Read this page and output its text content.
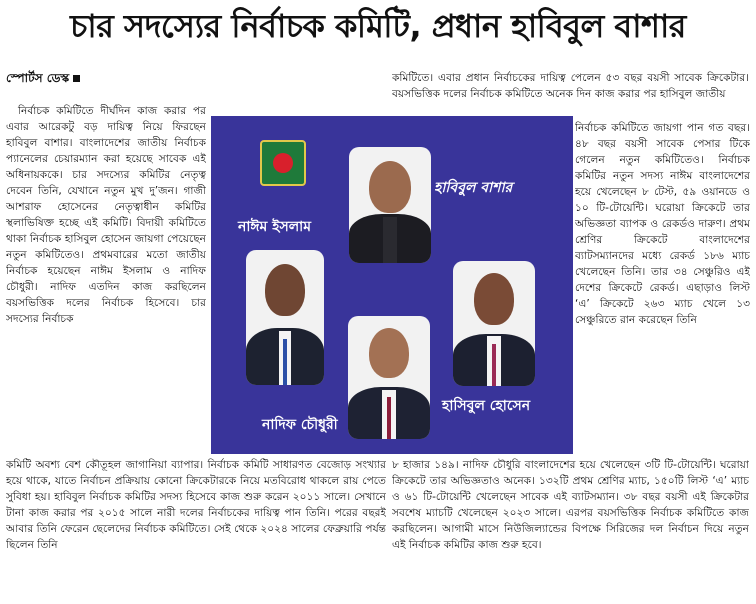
চার সদস্যের নির্বাচক কমিটি, প্রধান হাবিবুল বাশার
স্পোর্টস ডেস্ক

নির্বাচক কমিটিতে দীর্ঘদিন কাজ করার পর এবার আরেকটু বড় দায়িত্ব নিয়ে ফিরছেন হাবিবুল বাশার। বাংলাদেশের জাতীয় নির্বাচক প্যানেলের চেয়ারম্যান করা হয়েছে সাবেক এই অধিনায়ককে। চার সদস্যের কমিটির নেতৃত্ব দেবেন তিনি, যেখানে নতুন মুখ দু’জন। গাজী আশরাফ হোসেনের নেতৃত্বাধীন কমিটির স্থলাভিষিক্ত হচ্ছে এই কমিটি। বিদায়ী কমিটিতে থাকা নির্বাচক হাসিবুল হোসেন জায়গা পেয়েছেন নতুন কমিটিতেও। প্রথমবারের মতো জাতীয় নির্বাচক হয়েছেন নাঈম ইসলাম ও নাদিফ চৌধুরী। নাদিফ এতদিন কাজ করছিলেন বয়সভিত্তিক দলের নির্বাচক হিসেবে। চার সদস্যের নির্বাচক

কমিটিতে। এবার প্রধান নির্বাচকের দায়িত্ব পেলেন ৫৩ বছর বয়সী সাবেক ক্রিকেটার। বয়সভিত্তিক দলের নির্বাচক কমিটিতে অনেক দিন কাজ করার পর হাসিবুল জাতীয়

নির্বাচক কমিটিতে জায়গা পান গত বছর। ৪৮ বছর বয়সী সাবেক পেসার টিকে গেলেন নতুন কমিটিতেও। নির্বাচক কমিটির নতুন সদস্য নাঈম বাংলাদেশের হয়ে খেলেছেন ৮ টেস্ট, ৫৯ ওয়ানডে ও ১০ টি-টোয়েন্টি। ঘরোয়া ক্রিকেটে তার অভিজ্ঞতা ব্যাপক ও রেকর্ডও দারুণ। প্রথম শ্রেণির ক্রিকেটে বাংলাদেশের ব্যাটসম্যানদের মধ্যে রেকর্ড ১৮৬ ম্যাচ খেলেছেন তিনি। তার ৩৪ সেঞ্চুরিও এই দেশের ক্রিকেটে রেকর্ড। এছাড়াও লিস্ট ‘এ’ ক্রিকেটে ২৬৩ ম্যাচ খেলে ১৩ সেঞ্চুরিতে রান করেছেন তিনি

কমিটি অবশ্য বেশ কৌতূহল জাগানিয়া ব্যাপার। নির্বাচক কমিটি সাধারণত বেজোড় সংখ্যার হয়ে থাকে, যাতে নির্বাচন প্রক্রিয়ায় কোনো ক্রিকেটারকে নিয়ে মতবিরোধ থাকলে রায় পেতে সুবিধা হয়। হাবিবুল নির্বাচক কমিটির সদস্য হিসেবে কাজ শুরু করেন ২০১১ সালে। সেখানে টানা কাজ করার পর ২০১৫ সালে নারী দলের নির্বাচকের দায়িত্ব পান তিনি। পরের বছরই আবার তিনি ফেরেন ছেলেদের নির্বাচক কমিটিতে। সেই থেকে ২০২৪ সালের ফেব্রুয়ারি পর্যন্ত ছিলেন তিনি

৮ হাজার ১৪৯। নাদিফ চৌধুরি বাংলাদেশের হয়ে খেলেছেন ৩টি টি-টোয়েন্টি। ঘরোয়া ক্রিকেটে তার অভিজ্ঞতাও অনেক। ১৩২টি প্রথম শ্রেণির ম্যাচ, ১৫০টি লিস্ট ‘এ’ ম্যাচ ও ৬১ টি-টোয়েন্টি খেলেছেন সাবেক এই ব্যাটসম্যান। ৩৮ বছর বয়সী এই ক্রিকেটার সবশেষ ম্যাচটি খেলেছেন ২০২৩ সালে। এরপর বয়সভিত্তিক নির্বাচক কমিটিতে কাজ করছিলেন। আগামী মাসে নিউজিল্যান্ডের বিপক্ষে সিরিজের দল নির্বাচন দিয়ে নতুন এই নির্বাচক কমিটির কাজ শুরু হবে।

নাঈম ইসলাম
হাবিবুল বাশার
নাদিফ চৌধুরী
হাসিবুল হোসেন
